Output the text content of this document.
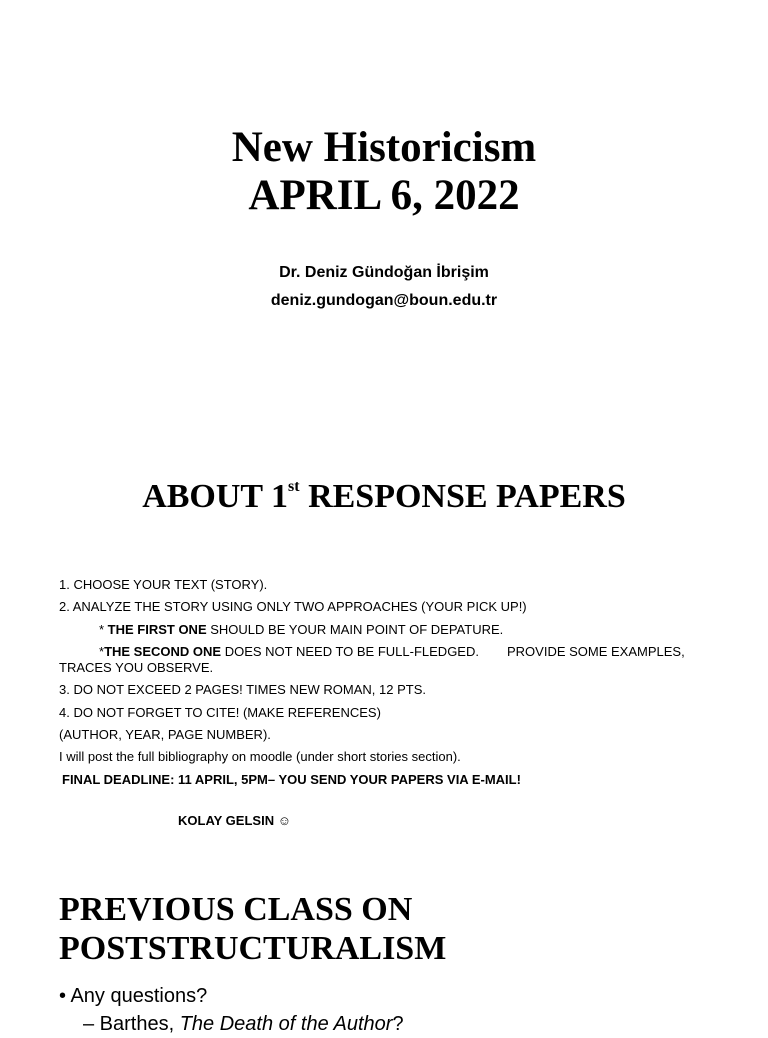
New Historicism
APRIL 6, 2022
Dr. Deniz Gündoğan İbrişim
deniz.gundogan@boun.edu.tr
ABOUT 1st RESPONSE PAPERS

1. CHOOSE YOUR TEXT (STORY).

2. ANALYZE THE STORY USING ONLY TWO APPROACHES (YOUR PICK UP!)

* THE FIRST ONE SHOULD BE YOUR MAIN POINT OF DEPATURE.

*THE SECOND ONE DOES NOT NEED TO BE FULL-FLEDGED. PROVIDE SOME EXAMPLES, TRACES YOU OBSERVE.

3. DO NOT EXCEED 2 PAGES! TIMES NEW ROMAN, 12 PTS.

4. DO NOT FORGET TO CITE! (MAKE REFERENCES)

(AUTHOR, YEAR, PAGE NUMBER).

I will post the full bibliography on moodle (under short stories section).

FINAL DEADLINE: 11 APRIL, 5PM– YOU SEND YOUR PAPERS VIA E-MAIL!

KOLAY GELSIN ☺
PREVIOUS CLASS ON
POSTSTRUCTURALISM
• Any questions?
– Barthes, The Death of the Author?
